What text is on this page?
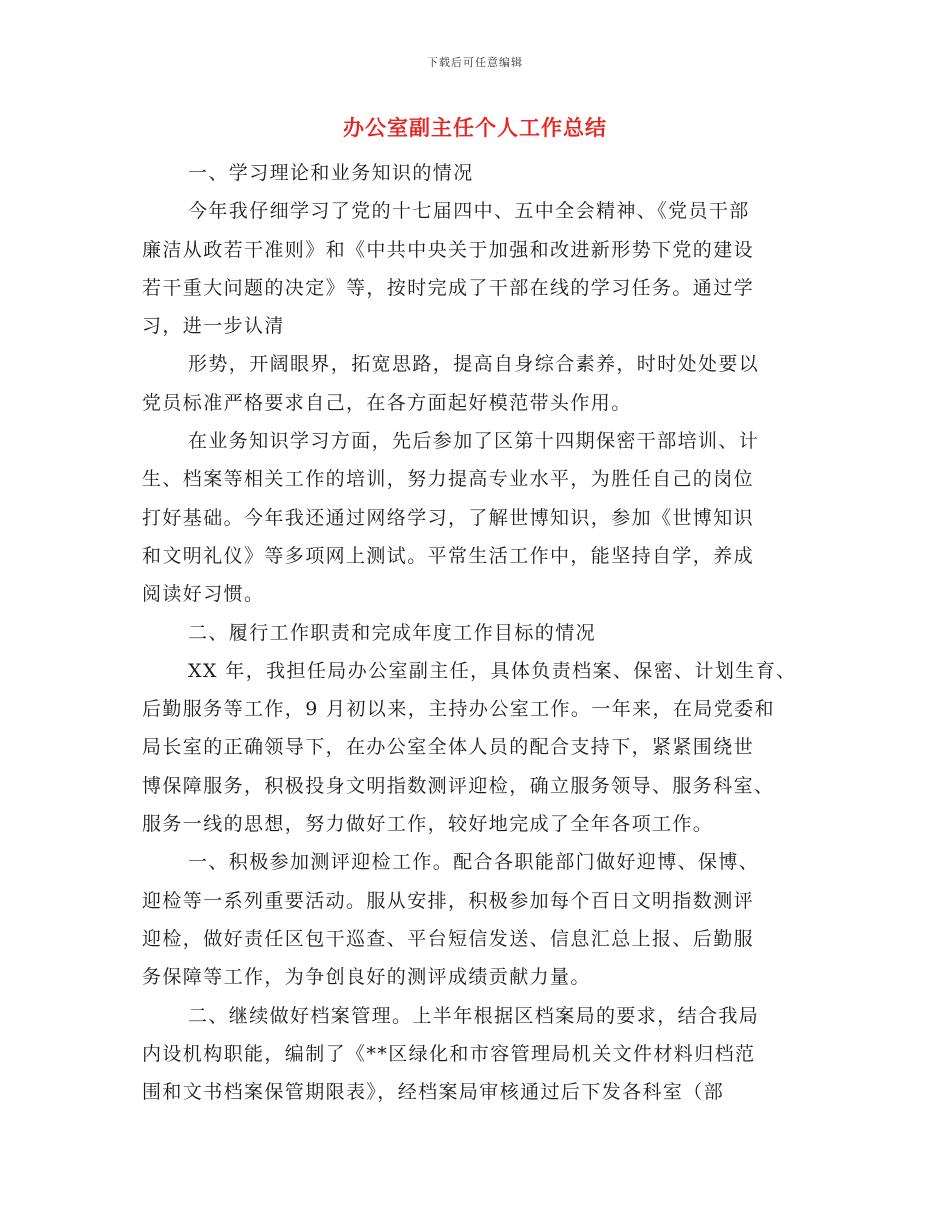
下载后可任意编辑
办公室副主任个人工作总结
一、学习理论和业务知识的情况
今年我仔细学习了党的十七届四中、五中全会精神、《党员干部
廉洁从政若干准则》和《中共中央关于加强和改进新形势下党的建设
若干重大问题的决定》等，按时完成了干部在线的学习任务。通过学
习，进一步认清
形势，开阔眼界，拓宽思路，提高自身综合素养，时时处处要以
党员标准严格要求自己，在各方面起好模范带头作用。
在业务知识学习方面，先后参加了区第十四期保密干部培训、计
生、档案等相关工作的培训，努力提高专业水平，为胜任自己的岗位
打好基础。今年我还通过网络学习，了解世博知识，参加《世博知识
和文明礼仪》等多项网上测试。平常生活工作中，能坚持自学，养成
阅读好习惯。
二、履行工作职责和完成年度工作目标的情况
XX 年，我担任局办公室副主任，具体负责档案、保密、计划生育、
后勤服务等工作，9 月初以来，主持办公室工作。一年来，在局党委和
局长室的正确领导下，在办公室全体人员的配合支持下，紧紧围绕世
博保障服务，积极投身文明指数测评迎检，确立服务领导、服务科室、
服务一线的思想，努力做好工作，较好地完成了全年各项工作。
一、积极参加测评迎检工作。配合各职能部门做好迎博、保博、
迎检等一系列重要活动。服从安排，积极参加每个百日文明指数测评
迎检，做好责任区包干巡查、平台短信发送、信息汇总上报、后勤服
务保障等工作，为争创良好的测评成绩贡献力量。
二、继续做好档案管理。上半年根据区档案局的要求，结合我局
内设机构职能，编制了《**区绿化和市容管理局机关文件材料归档范
围和文书档案保管期限表》，经档案局审核通过后下发各科室（部
